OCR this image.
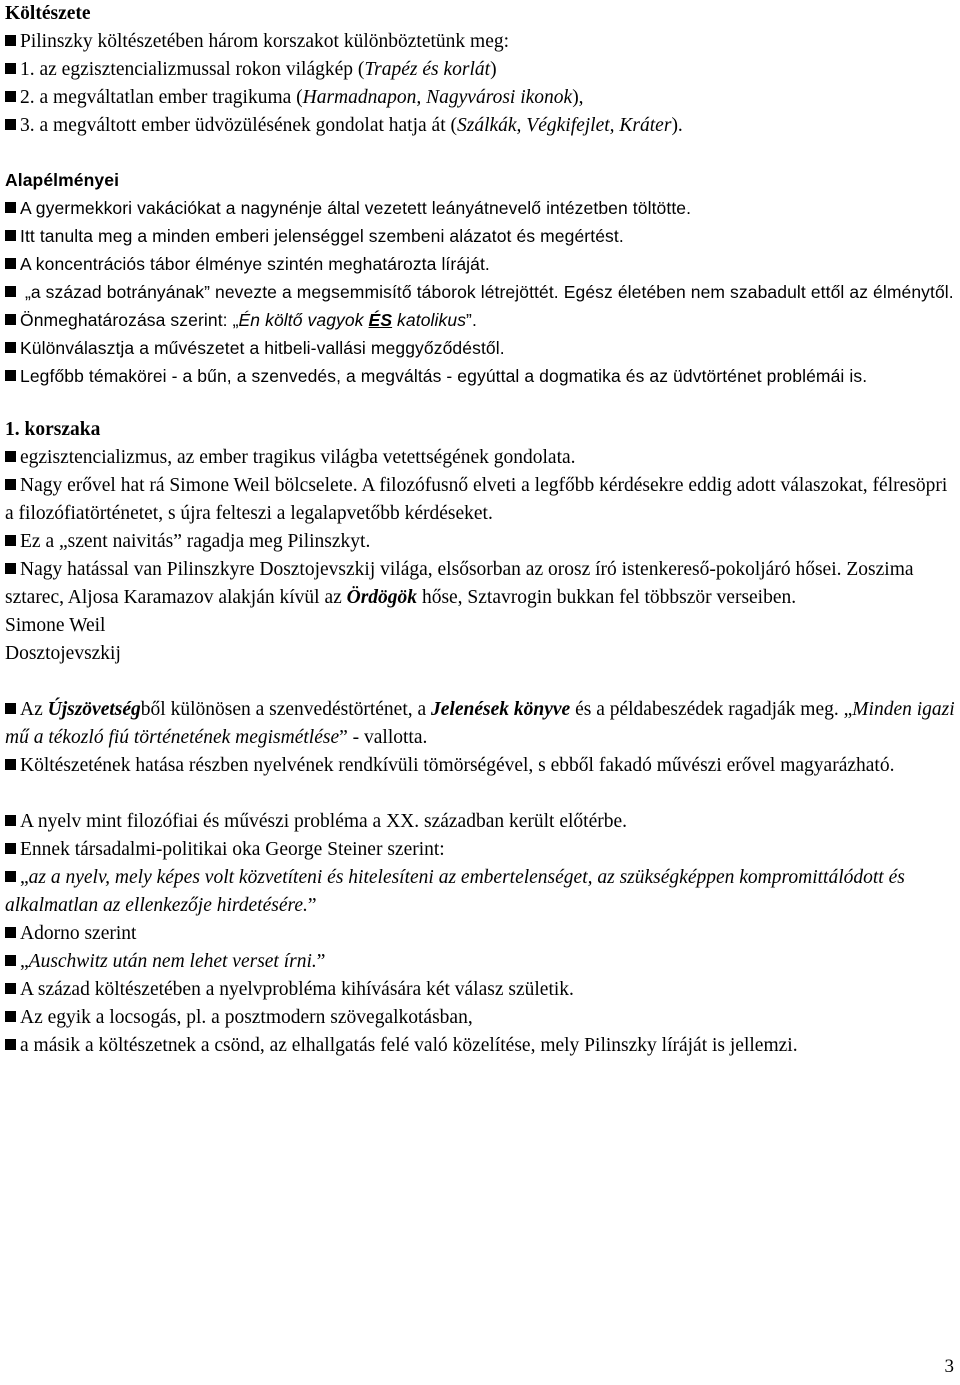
Költészete

Pilinszky költészetében három korszakot különböztetünk meg:

1. az egzisztencializmussal rokon világkép (Trapéz és korlát)

2. a megváltatlan ember tragikuma (Harmadnapon, Nagyvárosi ikonok),

3. a megváltott ember üdvözülésének gondolat hatja át (Szálkák, Végkifejlet, Kráter).

Alapélményei

A gyermekkori vakációkat a nagynénje által vezetett leányátnevelő intézetben töltötte.

Itt tanulta meg a minden emberi jelenséggel szembeni alázatot és megértést.

A koncentrációs tábor élménye szintén meghatározta líráját.

„a század botrányának” nevezte a megsemmisítő táborok létrejöttét. Egész életében nem szabadult ettől az élménytől.

Önmeghatározása szerint: „Én költő vagyok ÉS katolikus”.

Különválasztja a művészetet a hitbeli-vallási meggyőződéstől.

Legfőbb témakörei - a bűn, a szenvedés, a megváltás - egyúttal a dogmatika és az üdvtörténet problémái is.

1. korszaka

egzisztencializmus, az ember tragikus világba vetettségének gondolata.

Nagy erővel hat rá Simone Weil bölcselete. A filozófusnő elveti a legfőbb kérdésekre eddig adott válaszokat, félresöpri a filozófiatörténetet, s újra felteszi a legalapvetőbb kérdéseket.

Ez a „szent naivitás” ragadja meg Pilinszkyt.

Nagy hatással van Pilinszkyre Dosztojevszkij világa, elsősorban az orosz író istenkereső-pokoljáró hősei. Zoszima sztarec, Aljosa Karamazov alakján kívül az Ördögök hőse, Sztavrogin bukkan fel többször verseiben.

Simone Weil

Dosztojevszkij

Az Újszövetségből különösen a szenvedéstörténet, a Jelenések könyve és a példabeszédek ragadják meg. „Minden igazi mű a tékozló fiú történetének megismétlése” - vallotta.

Költészetének hatása részben nyelvének rendkívüli tömörségével, s ebből fakadó művészi erővel magyarázható.

A nyelv mint filozófiai és művészi probléma a XX. században került előtérbe.

Ennek társadalmi-politikai oka George Steiner szerint:

„az a nyelv, mely képes volt közvetíteni és hitelesíteni az embertelenséget, az szükségképpen kompromittálódott és alkalmatlan az ellenkezője hirdetésére.”

Adorno szerint

„Auschwitz után nem lehet verset írni.”

A század költészetében a nyelvprobléma kihívására két válasz születik.

Az egyik a locsogás, pl. a posztmodern szövegalkotásban,

a másik a költészetnek a csönd, az elhallgatás felé való közelítése, mely Pilinszky líráját is jellemzi.

3
